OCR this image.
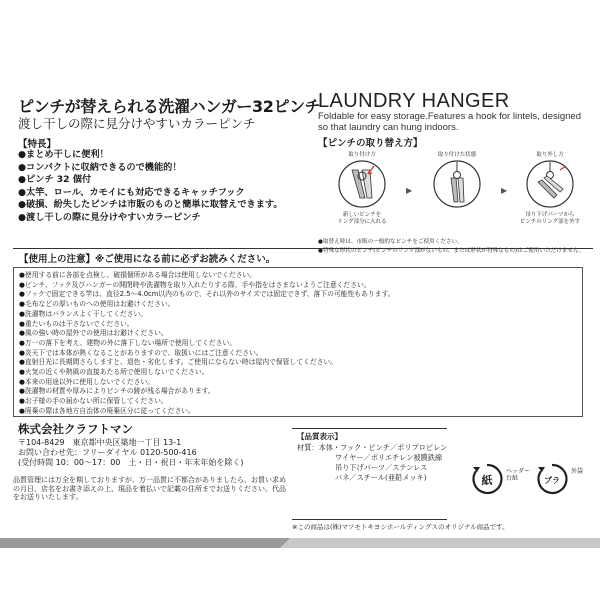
ピンチが替えられる洗濯ハンガー32ピンチ
渡し干しの際に見分けやすいカラーピンチ
LAUNDRY HANGER
Foldable for easy storage.Features a hook for lintels, designed so that laundry can hung indoors.
【特長】
●まとめ干しに便利！
●コンパクトに収納できるので機能的！
●ピンチ 32 個付
●太竿、ロール、カモイにも対応できるキャッチフック
●破損、紛失したピンチは市販のものと簡単に取替えできます。
●渡し干しの際に見分けやすいカラーピンチ
【ピンチの取り替え方】
取り付け方
新しいピンチを
リング部分に入れる
▶
取り付けた状態
▶
取り外し方
吊り下げパーツから
ピンチのリング部を外す
●取替え時は、市販の一般的なピンチをご使用ください。
●特殊な形状のピンチ(ピンチのリング部がないもの、または形状が特殊なもの)はご使用いただけません。
【使用上の注意】※ご使用になる前に必ずお読みください。
●使用する前に各部を点検し、破損個所がある場合は使用しないでください。
●ピンチ、フック及びハンガーの開閉時や洗濯物を取り入れたりする際、手や指をはさまないようご注意ください。
●フックで固定できる竿は、直径2.5～4.0cm以内のもので、それ以外のサイズでは固定できず、落下の可能性もあります。
●毛布などの厚いものへの使用はお避けください。
●洗濯物はバランスよく干してください。
●重たいものは干さないでください。
●風の強い時の屋外での使用はお避けください。
●万一の落下を考え、建物の外に落下しない場所で使用してください。
●炎天下では本体が熱くなることがありますので、取扱いにはご注意ください。
●直射日光に長期間さらしますと、退色・劣化します。ご使用にならない時は屋内で保管してください。
●火気の近くや熱風の直接あたる所で使用しないでください。
●本来の用途以外に使用しないでください。
●洗濯物の材質や厚みによりピンチの跡が残る場合があります。
●お子様の手の届かない所に保管してください。
●廃棄の際は各地方自治体の廃棄区分に従ってください。
株式会社クラフトマン
〒104-8429　東京都中央区築地一丁目 13-1
お問い合わせ先：フリーダイヤル 0120-500-416
(受付時間 10：00～17：00　土・日・祝日・年末年始を除く)
品質管理には万全を期しておりますが、万一品質に不都合がありましたら、お買い求めの月日、店名をお書き添えの上、現品を着払いで記載の住所までお送りください。代品をお送りいたします。
【品質表示】
材質：本体・フック・ピンチ／ポリプロピレン
ワイヤー／ポリエチレン被膜鉄線
吊り下げパーツ／ステンレス
バネ／スチール(亜鉛メッキ)	紙
ヘッダー
台紙	プラ
外袋
※この商品は(株)マツモトキヨシホールディングスのオリジナル商品です。
